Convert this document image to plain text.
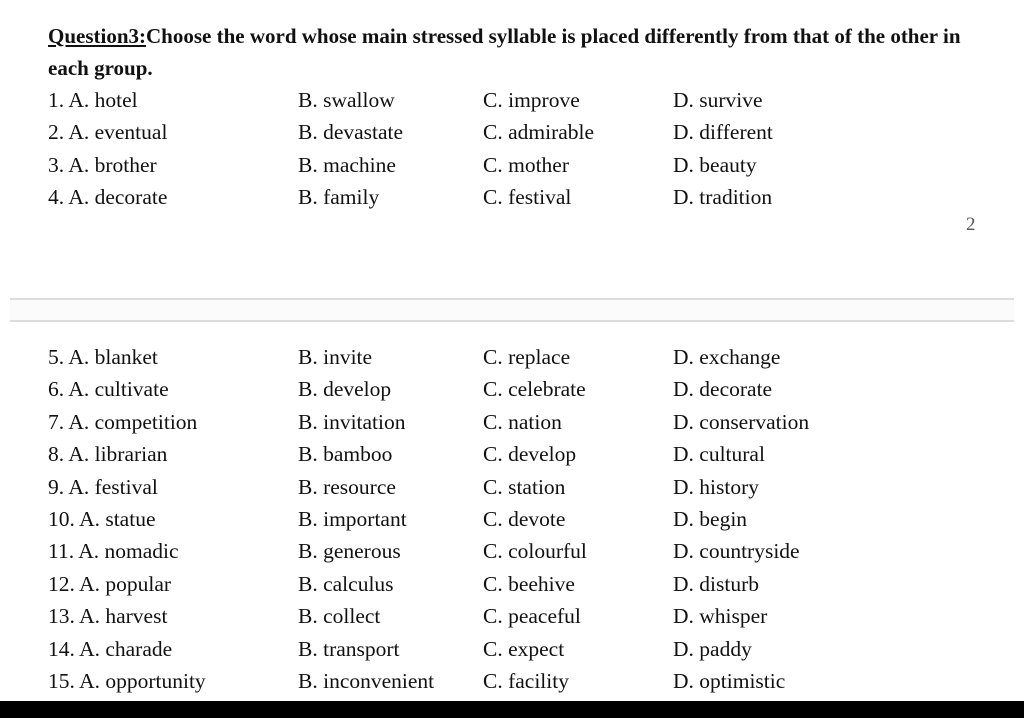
Question3:Choose the word whose main stressed syllable is placed differently from that of the other in each group.

1. A. hotel	B. swallow	C. improve	D. survive
2. A. eventual	B. devastate	C. admirable	D. different
3. A. brother	B. machine	C. mother	D. beauty
4. A. decorate	B. family	C. festival	D. tradition
2
5. A. blanket	B. invite	C. replace	D. exchange
6. A. cultivate	B. develop	C. celebrate	D. decorate
7. A. competition	B. invitation	C. nation	D. conservation
8. A. librarian	B. bamboo	C. develop	D. cultural
9. A. festival	B. resource	C. station	D. history
10. A. statue	B. important	C. devote	D. begin
11. A. nomadic	B. generous	C. colourful	D. countryside
12. A. popular	B. calculus	C. beehive	D. disturb
13. A. harvest	B. collect	C. peaceful	D. whisper
14. A. charade	B. transport	C. expect	D. paddy
15. A. opportunity	B. inconvenient C. facility	D. optimistic
